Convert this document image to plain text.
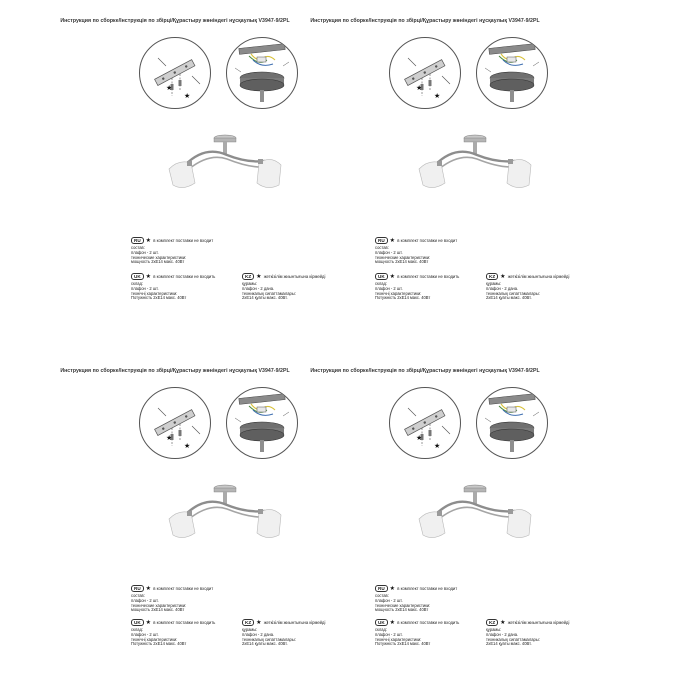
Инструкция по сборке/Інструкція по збірці/Құрастыру жөніндегі нұсқаулық V3947-9/2PL
★
★
RU ★ в комплект поставки не входит
состав:
плафон - 2 шт.
технические характеристики:
мощность 2xE14 макс. 40Вт
UK ★ в комплект поставки не входить
склад:
плафон - 2 шт.
технічні характеристики:
Потужність 2xE14 макс. 40Вт
KZ ★ жеткізілім жиынтығына кірмейді
құрамы:
плафон - 2 дана.
техникалық сипаттамалары:
2xE14 қуаты макс. 40Вт.
Инструкция по сборке/Інструкція по збірці/Құрастыру жөніндегі нұсқаулық V3947-9/2PL
★
★
RU ★ в комплект поставки не входит
состав:
плафон - 2 шт.
технические характеристики:
мощность 2xE14 макс. 40Вт
UK ★ в комплект поставки не входить
склад:
плафон - 2 шт.
технічні характеристики:
Потужність 2xE14 макс. 40Вт
KZ ★ жеткізілім жиынтығына кірмейді
құрамы:
плафон - 2 дана.
техникалық сипаттамалары:
2xE14 қуаты макс. 40Вт.
Инструкция по сборке/Інструкція по збірці/Құрастыру жөніндегі нұсқаулық V3947-9/2PL
★
★
RU ★ в комплект поставки не входит
состав:
плафон - 2 шт.
технические характеристики:
мощность 2xE14 макс. 40Вт
UK ★ в комплект поставки не входить
склад:
плафон - 2 шт.
технічні характеристики:
Потужність 2xE14 макс. 40Вт
KZ ★ жеткізілім жиынтығына кірмейді
құрамы:
плафон - 2 дана.
техникалық сипаттамалары:
2xE14 қуаты макс. 40Вт.
Инструкция по сборке/Інструкція по збірці/Құрастыру жөніндегі нұсқаулық V3947-9/2PL
★
★
RU ★ в комплект поставки не входит
состав:
плафон - 2 шт.
технические характеристики:
мощность 2xE14 макс. 40Вт
UK ★ в комплект поставки не входить
склад:
плафон - 2 шт.
технічні характеристики:
Потужність 2xE14 макс. 40Вт
KZ ★ жеткізілім жиынтығына кірмейді
құрамы:
плафон - 2 дана.
техникалық сипаттамалары:
2xE14 қуаты макс. 40Вт.
